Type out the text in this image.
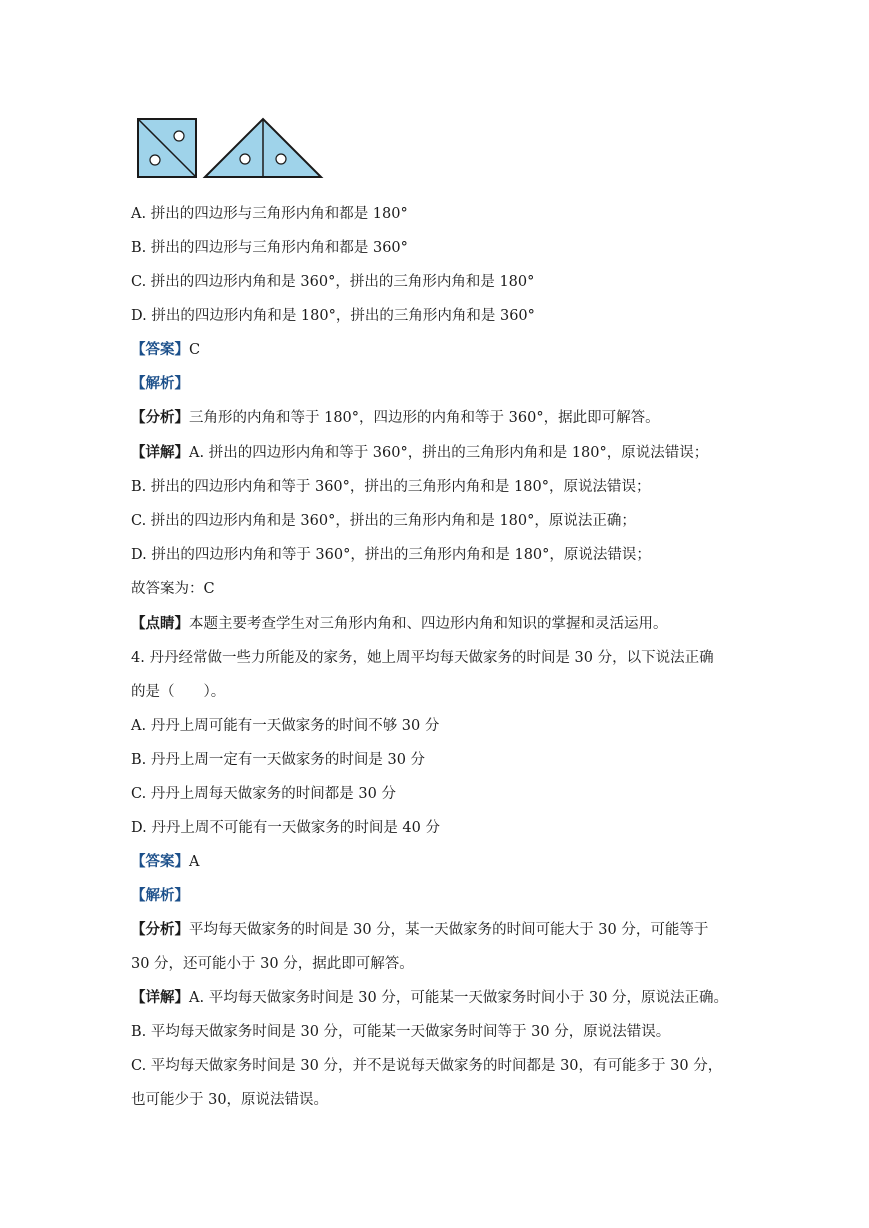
A. 拼出的四边形与三角形内角和都是 180°
B. 拼出的四边形与三角形内角和都是 360°
C. 拼出的四边形内角和是 360°，拼出的三角形内角和是 180°
D. 拼出的四边形内角和是 180°，拼出的三角形内角和是 360°
【答案】C
【解析】
【分析】三角形的内角和等于 180°，四边形的内角和等于 360°，据此即可解答。
【详解】A. 拼出的四边形内角和等于 360°，拼出的三角形内角和是 180°，原说法错误；
B. 拼出的四边形内角和等于 360°，拼出的三角形内角和是 180°，原说法错误；
C. 拼出的四边形内角和是 360°，拼出的三角形内角和是 180°，原说法正确；
D. 拼出的四边形内角和等于 360°，拼出的三角形内角和是 180°，原说法错误；
故答案为：C
【点睛】本题主要考查学生对三角形内角和、四边形内角和知识的掌握和灵活运用。
4. 丹丹经常做一些力所能及的家务，她上周平均每天做家务的时间是 30 分，以下说法正确
的是（　　）。
A. 丹丹上周可能有一天做家务的时间不够 30 分
B. 丹丹上周一定有一天做家务的时间是 30 分
C. 丹丹上周每天做家务的时间都是 30 分
D. 丹丹上周不可能有一天做家务的时间是 40 分
【答案】A
【解析】
【分析】平均每天做家务的时间是 30 分，某一天做家务的时间可能大于 30 分，可能等于
30 分，还可能小于 30 分，据此即可解答。
【详解】A. 平均每天做家务时间是 30 分，可能某一天做家务时间小于 30 分，原说法正确。
B. 平均每天做家务时间是 30 分，可能某一天做家务时间等于 30 分，原说法错误。
C. 平均每天做家务时间是 30 分，并不是说每天做家务的时间都是 30，有可能多于 30 分，
也可能少于 30，原说法错误。
